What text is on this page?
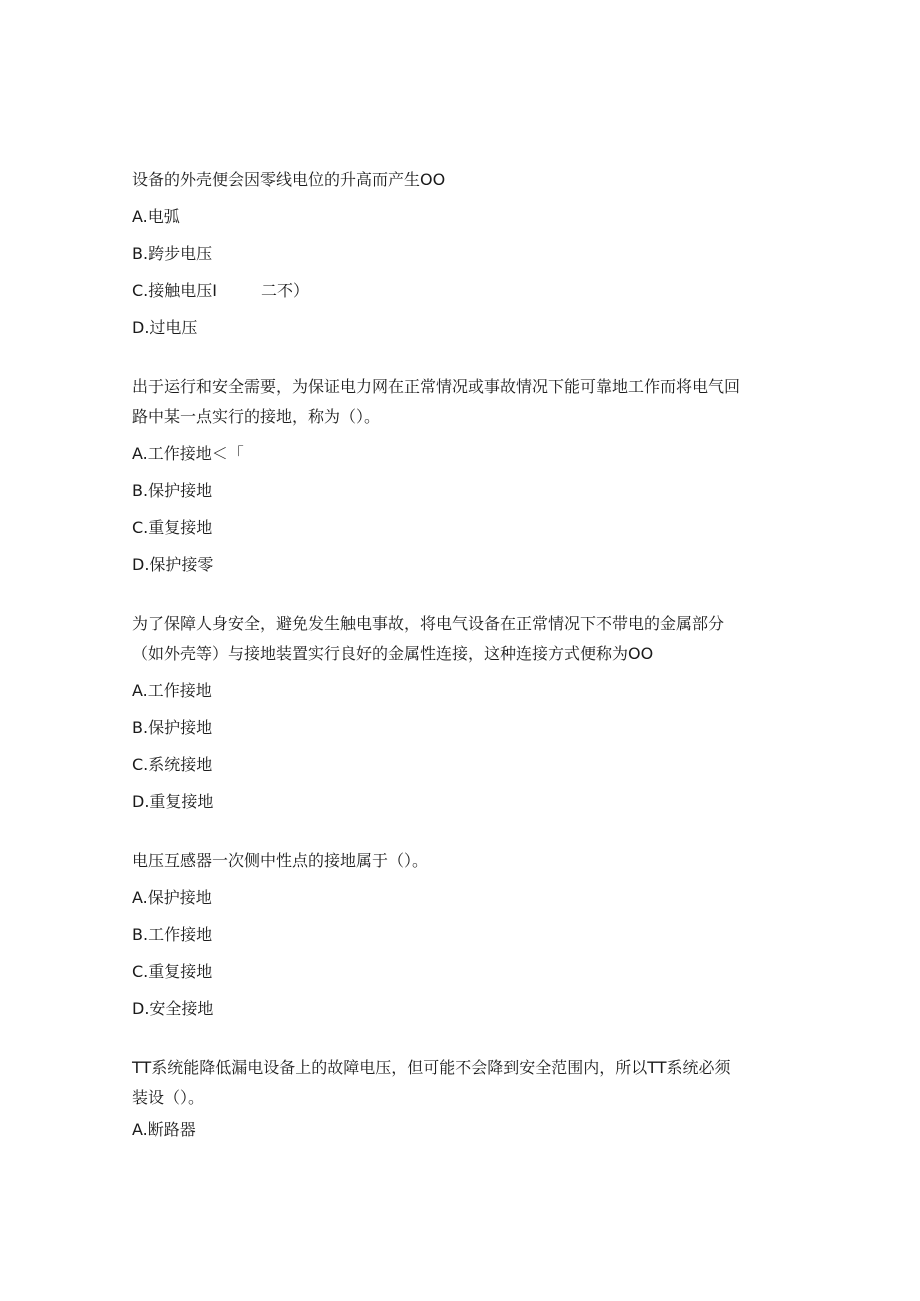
设备的外壳便会因零线电位的升高而产生OO
A.电弧
B.跨步电压
C.接触电压I	二不）
D.过电压
出于运行和安全需要，为保证电力网在正常情况或事故情况下能可靠地工作而将电气回
路中某一点实行的接地，称为（）。
A.工作接地＜「
B.保护接地
C.重复接地
D.保护接零
为了保障人身安全，避免发生触电事故，将电气设备在正常情况下不带电的金属部分
（如外壳等）与接地装置实行良好的金属性连接，这种连接方式便称为OO
A.工作接地
B.保护接地
C.系统接地
D.重复接地
电压互感器一次侧中性点的接地属于（）。
A.保护接地
B.工作接地
C.重复接地
D.安全接地
TT系统能降低漏电设备上的故障电压，但可能不会降到安全范围内，所以TT系统必须
装设（）。
A.断路器
